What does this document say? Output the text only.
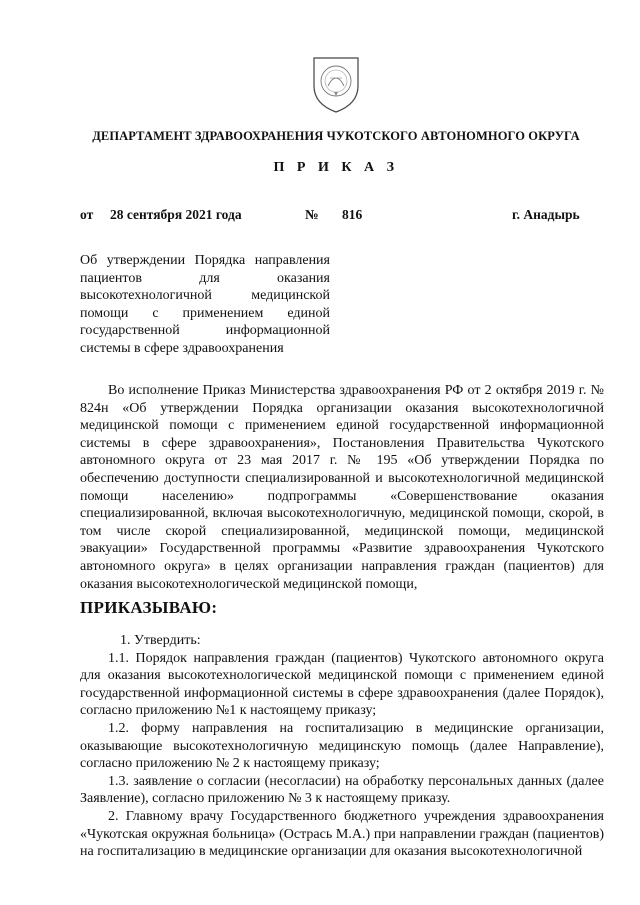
ДЕПАРТАМЕНТ ЗДРАВООХРАНЕНИЯ ЧУКОТСКОГО АВТОНОМНОГО ОКРУГА
П Р И К А З
от 28 сентября 2021 года	№ 816	г. Анадырь
Об утверждении Порядка направления пациентов для оказания высокотехнологичной медицинской помощи с применением единой государственной информационной системы в сфере здравоохранения

Во исполнение Приказ Министерства здравоохранения РФ от 2 октября 2019 г. № 824н «Об утверждении Порядка организации оказания высокотехнологичной медицинской помощи с применением единой государственной информационной системы в сфере здравоохранения», Постановления Правительства Чукотского автономного округа от 23 мая 2017 г. № 195 «Об утверждении Порядка по обеспечению доступности специализированной и высокотехнологичной медицинской помощи населению» подпрограммы «Совершенствование оказания специализированной, включая высокотехнологичную, медицинской помощи, скорой, в том числе скорой специализированной, медицинской помощи, медицинской эвакуации» Государственной программы «Развитие здравоохранения Чукотского автономного округа» в целях организации направления граждан (пациентов) для оказания высокотехнологической медицинской помощи,

ПРИКАЗЫВАЮ:

1. Утвердить:

1.1. Порядок направления граждан (пациентов) Чукотского автономного округа для оказания высокотехнологической медицинской помощи с применением единой государственной информационной системы в сфере здравоохранения (далее Порядок), согласно приложению №1 к настоящему приказу;

1.2. форму направления на госпитализацию в медицинские организации, оказывающие высокотехнологичную медицинскую помощь (далее Направление), согласно приложению № 2 к настоящему приказу;

1.3. заявление о согласии (несогласии) на обработку персональных данных (далее Заявление), согласно приложению № 3 к настоящему приказу.

2. Главному врачу Государственного бюджетного учреждения здравоохранения «Чукотская окружная больница» (Острась М.А.) при направлении граждан (пациентов) на госпитализацию в медицинские организации для оказания высокотехнологичной
